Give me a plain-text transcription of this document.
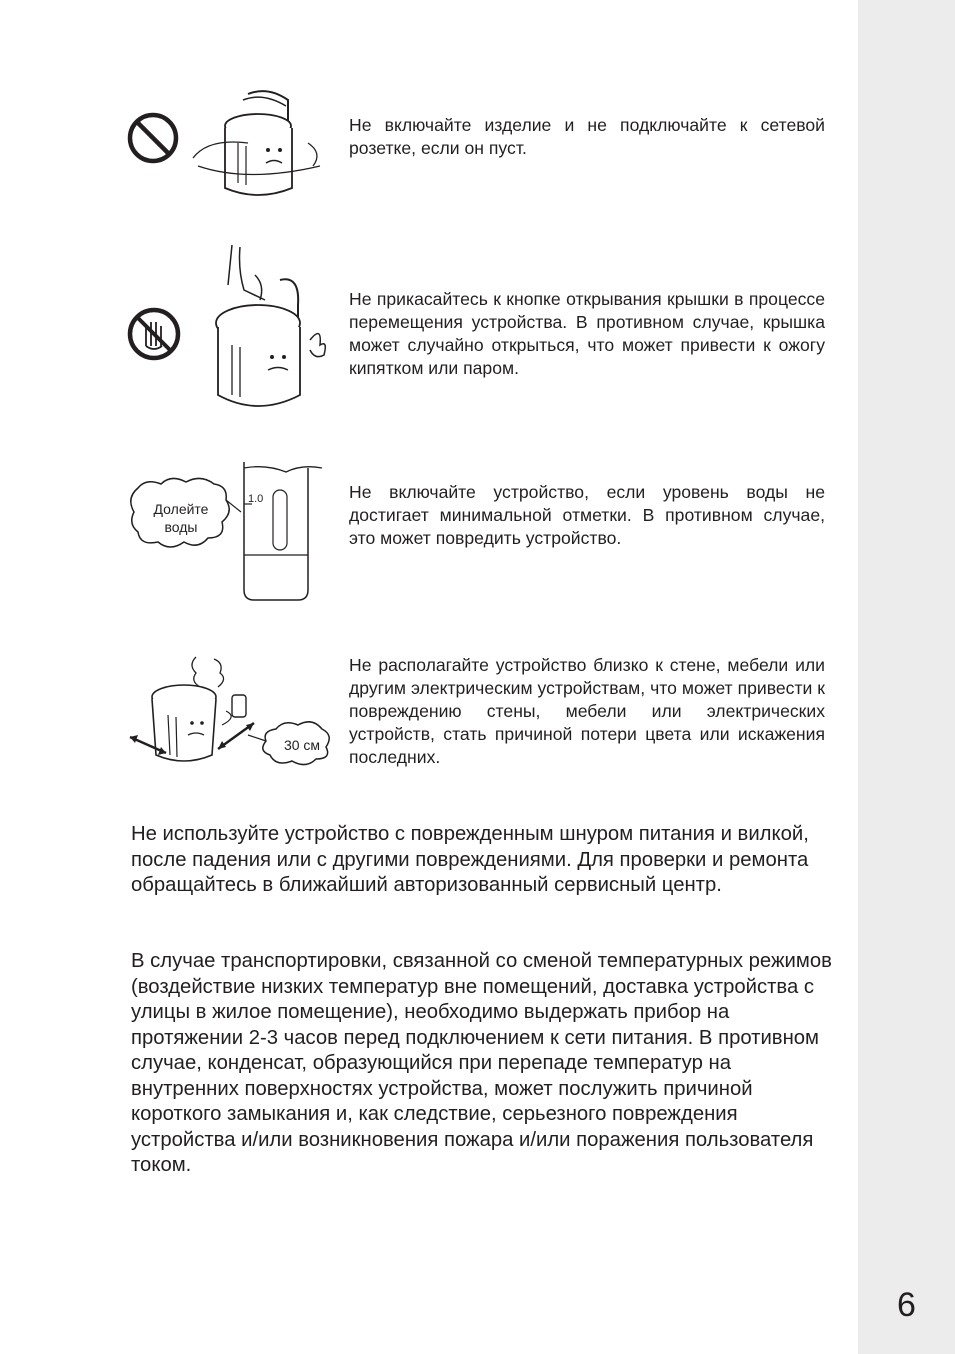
6

Не включайте изделие и не подключайте к сетевой розетке, если он пуст.

Не прикасайтесь к кнопке открывания крышки в процессе перемещения устройства. В противном случае, крышка может случайно открыться, что может привести к ожогу кипятком или паром.

Долейте
воды
1.0	Не включайте устройство, если уровень воды не достигает минимальной отметки. В противном случае, это может повредить устройство.

30 см

Не располагайте устройство близко к стене, мебели или другим электрическим устройствам, что может привести к повреждению стены, мебели или электрических устройств, стать причиной потери цвета или искажения последних.

Не используйте устройство с поврежденным шнуром питания и вилкой, после падения или с другими повреждениями. Для проверки и ремонта обращайтесь в ближайший авторизованный сервисный центр.

В случае транспортировки, связанной со сменой температурных режимов (воздействие низких температур вне помещений, доставка устройства с улицы в жилое помещение), необходимо выдержать прибор на протяжении 2-3 часов перед подключением к сети питания. В противном случае, конденсат, образующийся при перепаде температур на внутренних поверхностях устройства, может послужить причиной короткого замыкания и, как следствие, серьезного повреждения устройства и/или возникновения пожара и/или поражения пользователя током.
